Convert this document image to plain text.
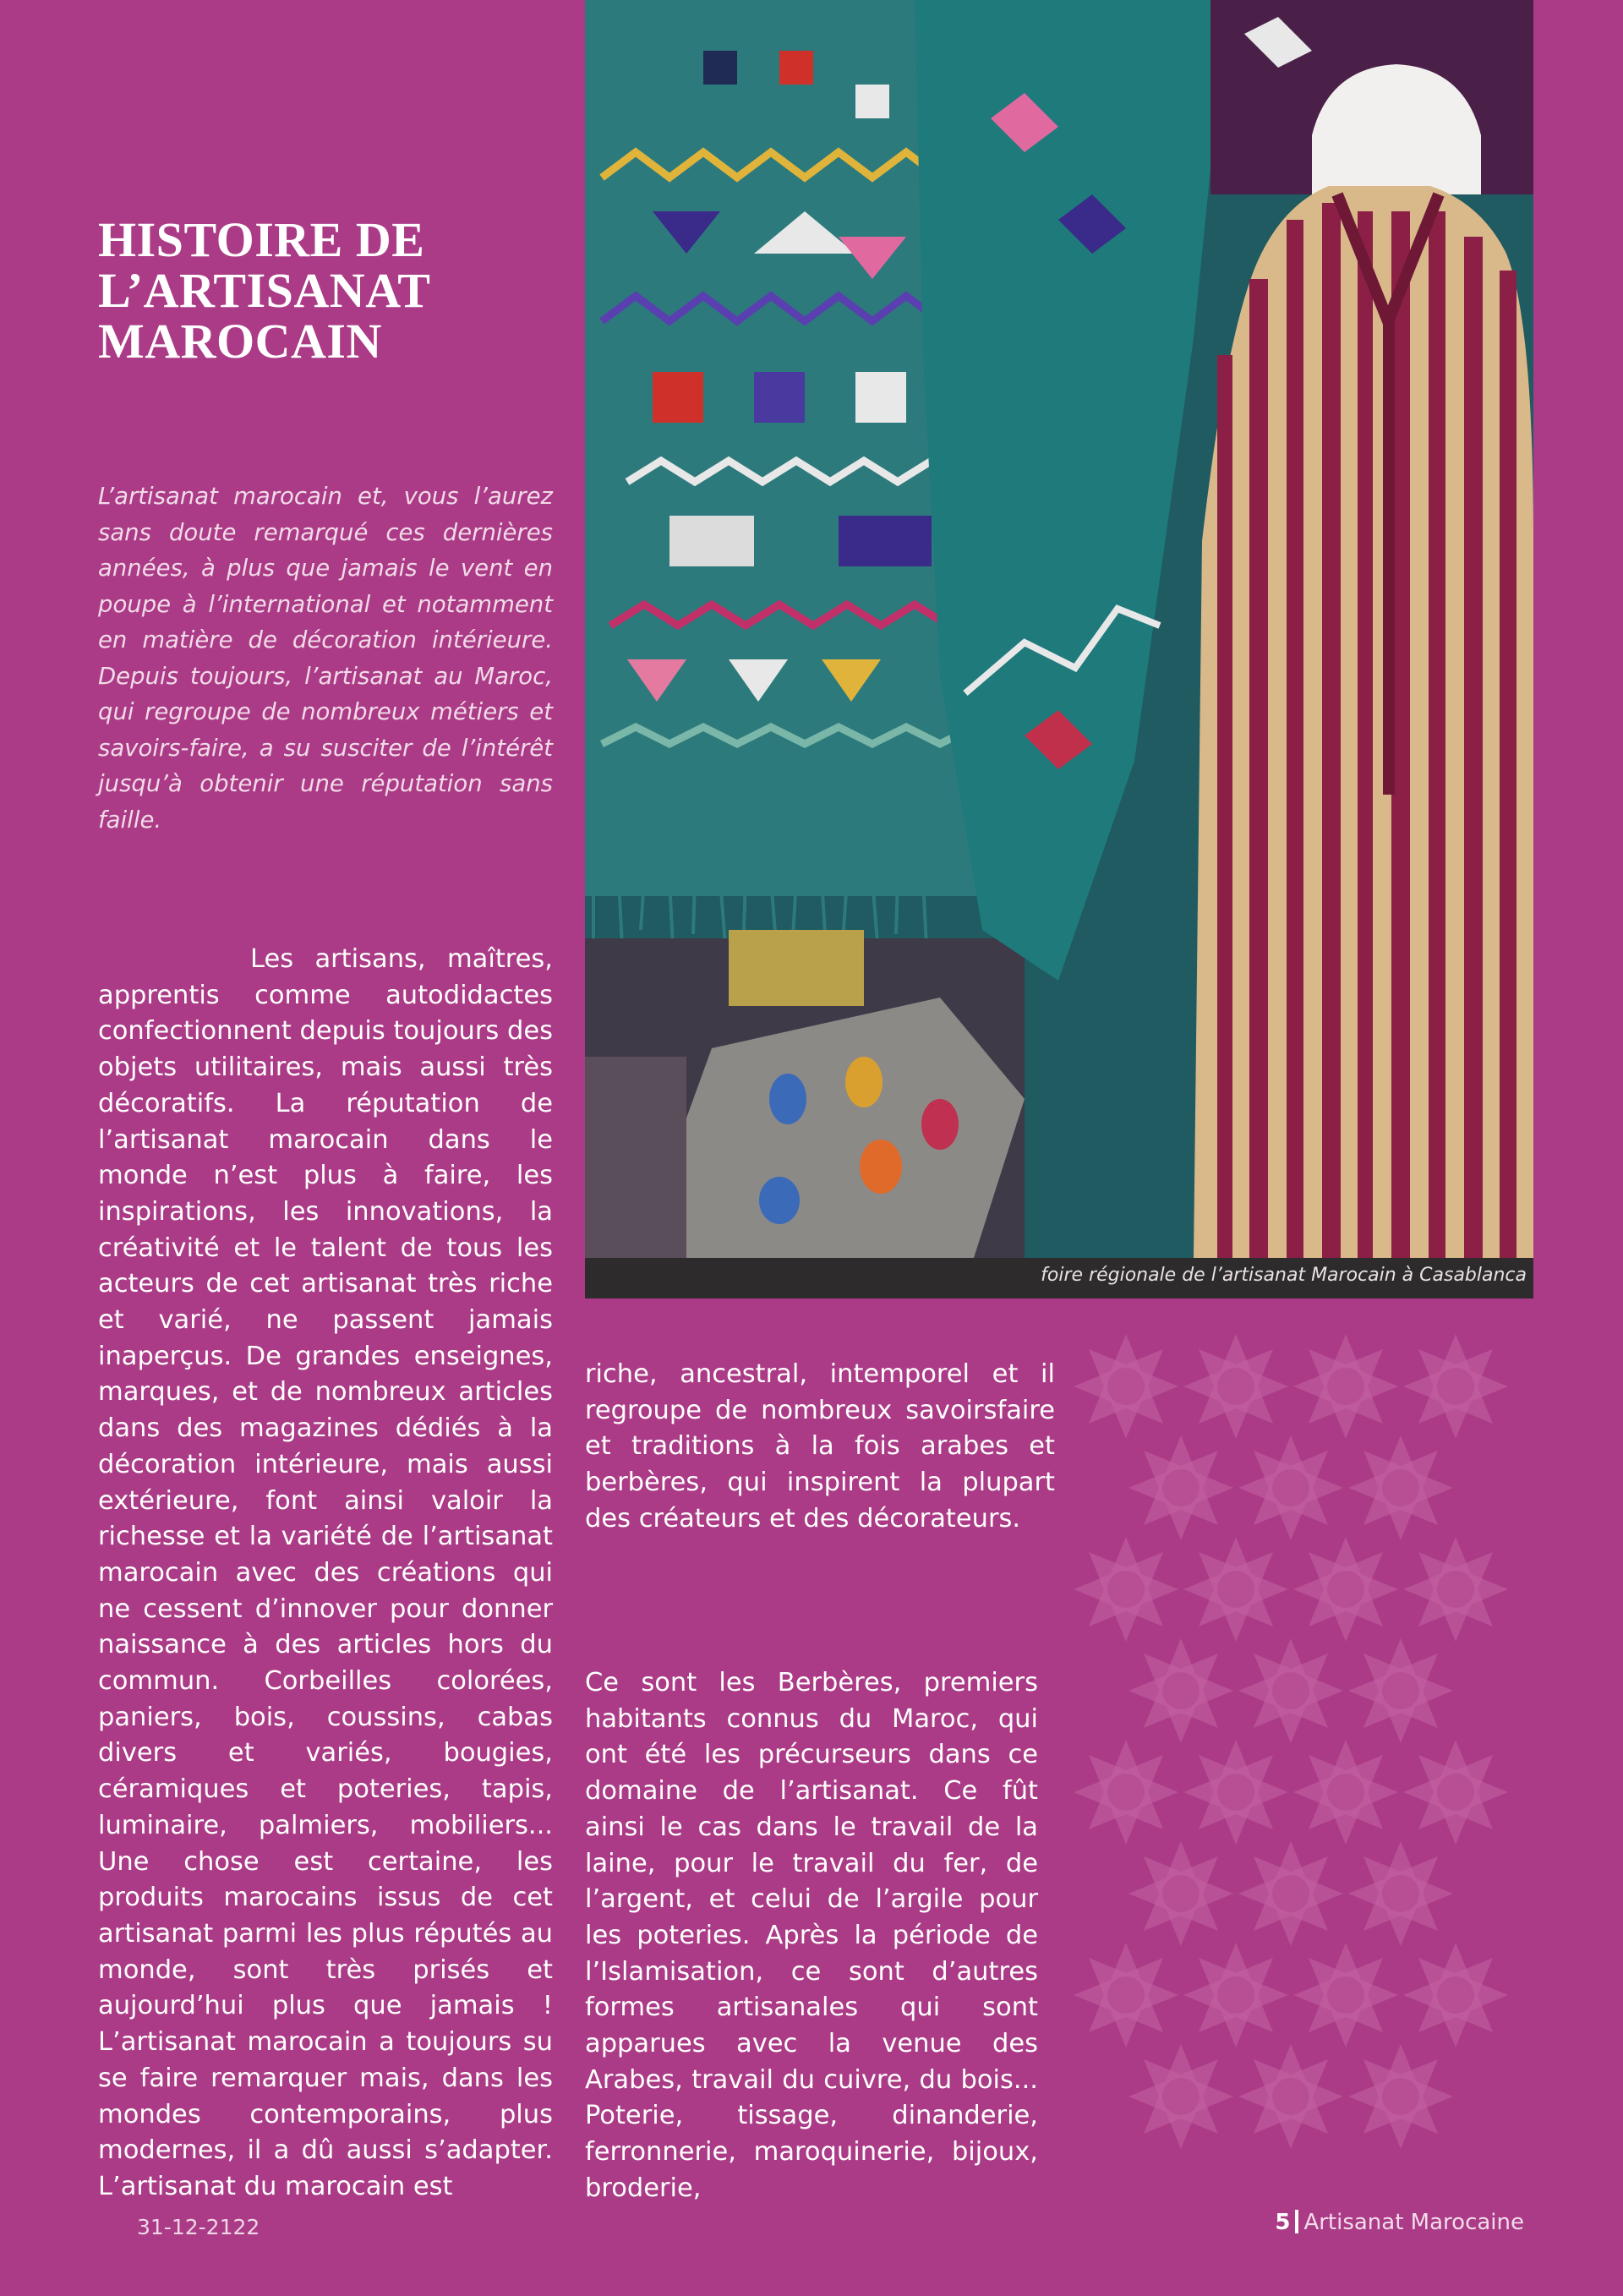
HISTOIRE DE
L’ARTISANAT
MAROCAIN

L’artisanat marocain et, vous l’aurez sans doute remarqué ces dernières années, à plus que jamais le vent en poupe à l’international et notamment en matière de décoration intérieure. Depuis toujours, l’artisanat au Maroc, qui regroupe de nombreux métiers et savoirs-faire, a su susciter de l’intérêt jusqu’à obtenir une réputation sans faille.

Les artisans, maîtres, apprentis comme autodidactes confectionnent depuis toujours des objets utilitaires, mais aussi très décoratifs. La réputation de l’artisanat marocain dans le monde n’est plus à faire, les inspirations, les innovations, la créativité et le talent de tous les acteurs de cet artisanat très riche et varié, ne passent jamais inaperçus. De grandes enseignes, marques, et de nombreux articles dans des magazines dédiés à la décoration intérieure, mais aussi extérieure, font ainsi valoir la richesse et la variété de l’artisanat marocain avec des créations qui ne cessent d’innover pour donner naissance à des articles hors du commun. Corbeilles colorées, paniers, bois, coussins, cabas divers et variés, bougies, céramiques et poteries, tapis, luminaire, palmiers, mobiliers... Une chose est certaine, les produits marocains issus de cet artisanat parmi les plus réputés au monde, sont très prisés et aujourd’hui plus que jamais ! L’artisanat marocain a toujours su se faire remarquer mais, dans les mondes contemporains, plus modernes, il a dû aussi s’adapter. L’artisanat du marocain est

foire régionale de l’artisanat Marocain à Casablanca

riche, ancestral, intemporel et il regroupe de nombreux savoirsfaire et traditions à la fois arabes et berbères, qui inspirent la plupart des créateurs et des décorateurs.

Ce sont les Berbères, premiers habitants connus du Maroc, qui ont été les précurseurs dans ce domaine de l’artisanat. Ce fût ainsi le cas dans le travail de la laine, pour le travail du fer, de l’argent, et celui de l’argile pour les poteries. Après la période de l’Islamisation, ce sont d’autres formes artisanales qui sont apparues avec la venue des Arabes, travail du cuivre, du bois... Poterie, tissage, dinanderie, ferronnerie, maroquinerie, bijoux, broderie,

31-12-2122	5 Artisanat Marocaine
